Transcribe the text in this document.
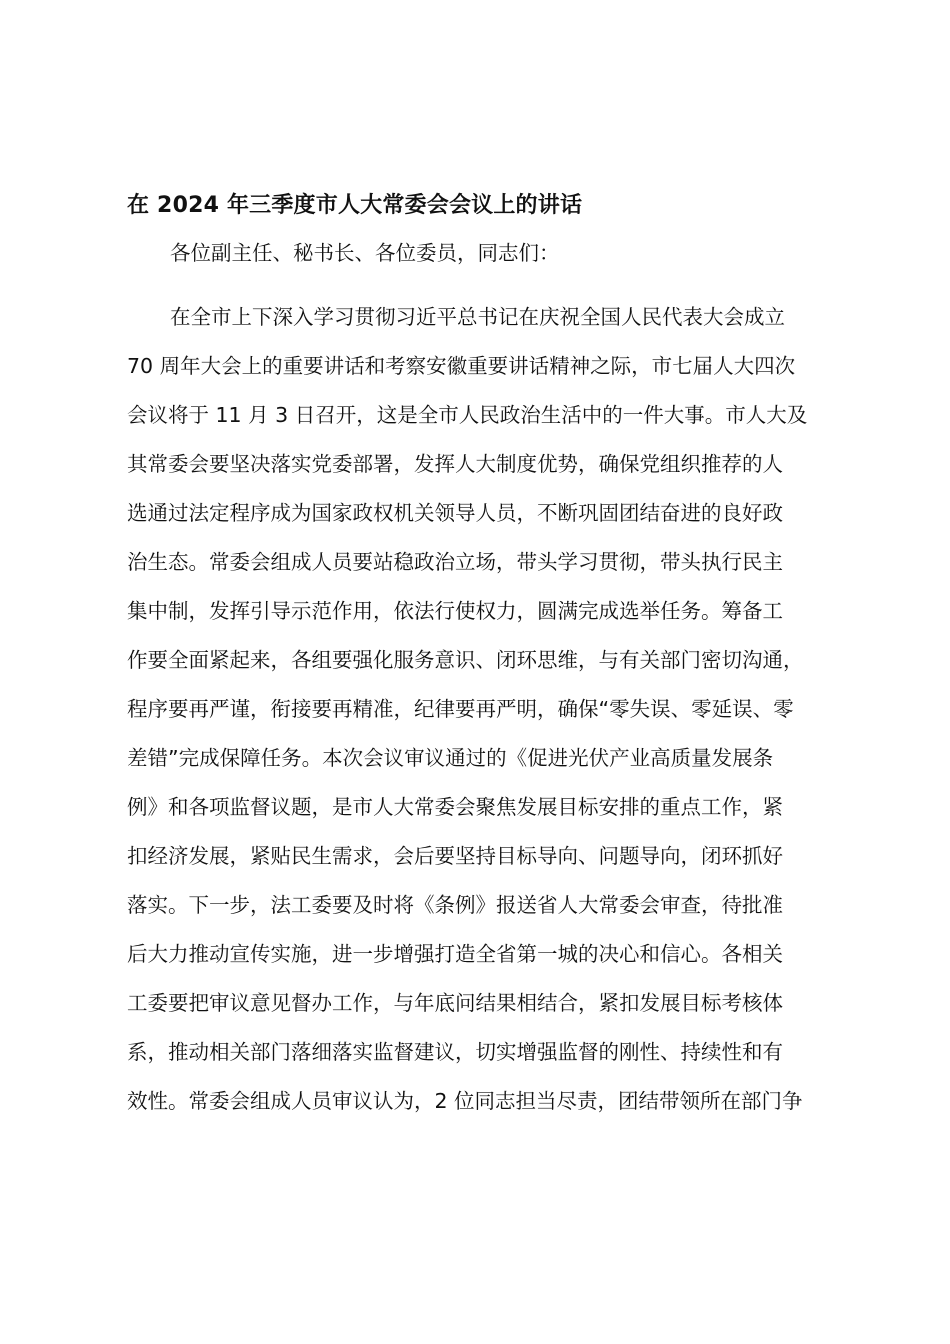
在 2024 年三季度市人大常委会会议上的讲话
各位副主任、秘书长、各位委员，同志们：
在全市上下深入学习贯彻习近平总书记在庆祝全国人民代表大会成立
70 周年大会上的重要讲话和考察安徽重要讲话精神之际，市七届人大四次
会议将于 11 月 3 日召开，这是全市人民政治生活中的一件大事。市人大及
其常委会要坚决落实党委部署，发挥人大制度优势，确保党组织推荐的人
选通过法定程序成为国家政权机关领导人员，不断巩固团结奋进的良好政
治生态。常委会组成人员要站稳政治立场，带头学习贯彻，带头执行民主
集中制，发挥引导示范作用，依法行使权力，圆满完成选举任务。筹备工
作要全面紧起来，各组要强化服务意识、闭环思维，与有关部门密切沟通，
程序要再严谨，衔接要再精准，纪律要再严明，确保“零失误、零延误、零
差错”完成保障任务。本次会议审议通过的《促进光伏产业高质量发展条
例》和各项监督议题，是市人大常委会聚焦发展目标安排的重点工作，紧
扣经济发展，紧贴民生需求，会后要坚持目标导向、问题导向，闭环抓好
落实。下一步，法工委要及时将《条例》报送省人大常委会审查，待批准
后大力推动宣传实施，进一步增强打造全省第一城的决心和信心。各相关
工委要把审议意见督办工作，与年底问结果相结合，紧扣发展目标考核体
系，推动相关部门落细落实监督建议，切实增强监督的刚性、持续性和有
效性。常委会组成人员审议认为，2 位同志担当尽责，团结带领所在部门争
